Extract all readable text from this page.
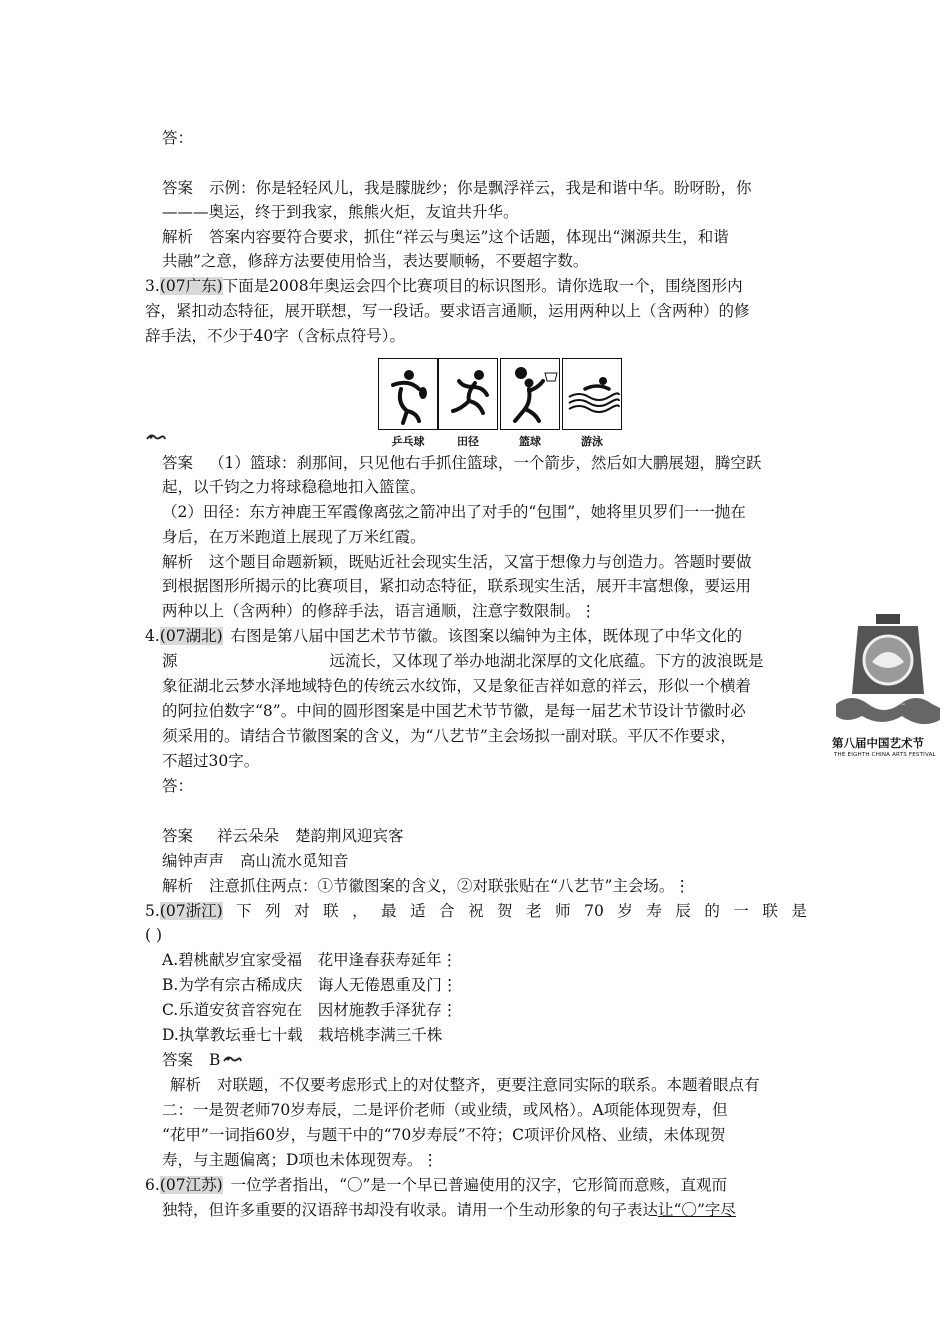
答：
答案 示例：你是轻轻风儿，我是朦胧纱；你是飘浮祥云，我是和谐中华。盼呀盼，你
———奥运，终于到我家，熊熊火炬，友谊共升华。
解析 答案内容要符合要求，抓住“祥云与奥运”这个话题，体现出“渊源共生，和谐
共融”之意，修辞方法要使用恰当，表达要顺畅，不要超字数。
3.(07广东)下面是2008年奥运会四个比赛项目的标识图形。请你选取一个，围绕图形内
容，紧扣动态特征，展开联想，写一段话。要求语言通顺，运用两种以上（含两种）的修
辞手法，不少于40字（含标点符号）。
乒乓球	田径	篮球	游泳
答案 （1）篮球：刹那间，只见他右手抓住篮球，一个箭步，然后如大鹏展翅，腾空跃
起，以千钧之力将球稳稳地扣入篮筐。
（2）田径：东方神鹿王军霞像离弦之箭冲出了对手的“包围”，她将里贝罗们一一抛在
身后，在万米跑道上展现了万米红霞。
解析 这个题目命题新颖，既贴近社会现实生活，又富于想像力与创造力。答题时要做
到根据图形所揭示的比赛项目，紧扣动态特征，联系现实生活，展开丰富想像，要运用
两种以上（含两种）的修辞手法，语言通顺，注意字数限制。⋮
4.(07湖北) 右图是第八届中国艺术节节徽。该图案以编钟为主体，既体现了中华文化的
源	远流长，又体现了举办地湖北深厚的文化底蕴。下方的波浪既是
象征湖北云梦水泽地域特色的传统云水纹饰，又是象征吉祥如意的祥云，形似一个横着
的阿拉伯数字“8”。中间的圆形图案是中国艺术节节徽，是每一届艺术节设计节徽时必
须采用的。请结合节徽图案的含义，为“八艺节”主会场拟一副对联。平仄不作要求，
不超过30字。
答：
2007·湖北
第八届中国艺术节
THE EIGHTH CHINA ARTS FESTIVAL
答案 祥云朵朵 楚韵荆风迎宾客
编钟声声 高山流水觅知音
解析 注意抓住两点：①节徽图案的含义，②对联张贴在“八艺节”主会场。⋮
5.(07浙江) 下 列 对 联 ， 最 适 合 祝 贺 老 师 70 岁 寿 辰 的 一 联 是
( )
A.碧桃献岁宜家受福　花甲逢春获寿延年⋮
B.为学有宗古稀成庆　诲人无倦恩重及门⋮
C.乐道安贫音容宛在　因材施教手泽犹存⋮
D.执掌教坛垂七十载　栽培桃李满三千株
答案 B
解析 对联题，不仅要考虑形式上的对仗整齐，更要注意同实际的联系。本题着眼点有
二：一是贺老师70岁寿辰，二是评价老师（或业绩，或风格）。A项能体现贺寿，但
“花甲”一词指60岁，与题干中的“70岁寿辰”不符；C项评价风格、业绩，未体现贺
寿，与主题偏离；D项也未体现贺寿。⋮
6.(07江苏) 一位学者指出，“〇”是一个早已普遍使用的汉字，它形简而意赅，直观而
独特，但许多重要的汉语辞书却没有收录。请用一个生动形象的句子表达让“〇”字尽
